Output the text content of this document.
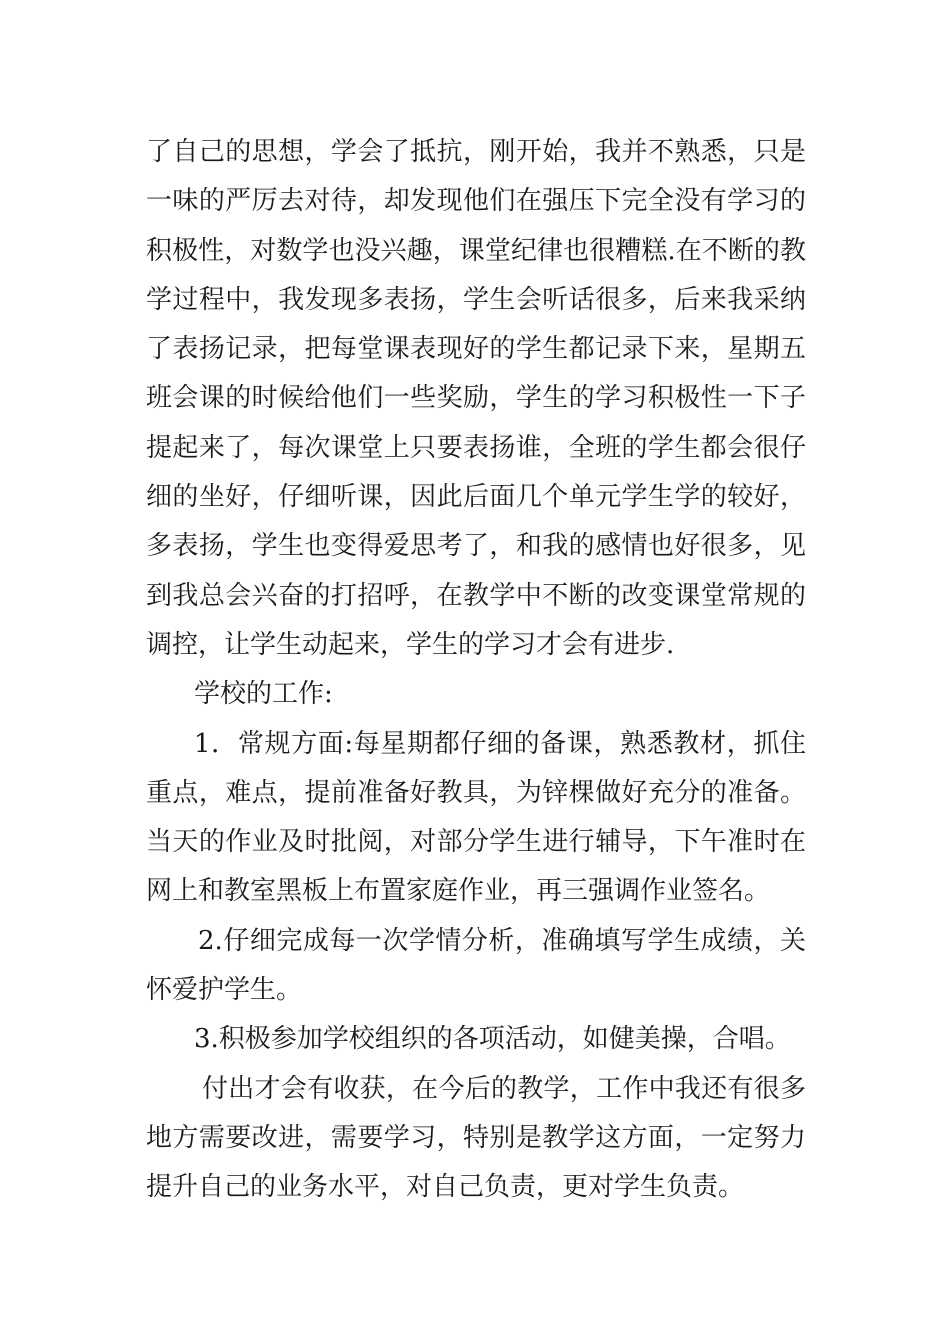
了自己的思想，学会了抵抗，刚开始，我并不熟悉，只是
一味的严厉去对待，却发现他们在强压下完全没有学习的
积极性，对数学也没兴趣，课堂纪律也很糟糕.在不断的教
学过程中，我发现多表扬，学生会听话很多，后来我采纳
了表扬记录，把每堂课表现好的学生都记录下来，星期五
班会课的时候给他们一些奖励，学生的学习积极性一下子
提起来了，每次课堂上只要表扬谁，全班的学生都会很仔
细的坐好，仔细听课，因此后面几个单元学生学的较好，
多表扬，学生也变得爱思考了，和我的感情也好很多，见
到我总会兴奋的打招呼，在教学中不断的改变课堂常规的
调控，让学生动起来，学生的学习才会有进步.
学校的工作:
1．常规方面:每星期都仔细的备课，熟悉教材，抓住
重点，难点，提前准备好教具，为锌棵做好充分的准备。
当天的作业及时批阅，对部分学生进行辅导，下午准时在
网上和教室黑板上布置家庭作业，再三强调作业签名。
2.仔细完成每一次学情分析，准确填写学生成绩，关
怀爱护学生。
3.积极参加学校组织的各项活动，如健美操，合唱。
付出才会有收获，在今后的教学，工作中我还有很多
地方需要改进，需要学习，特别是教学这方面，一定努力
提升自己的业务水平，对自己负责，更对学生负责。
